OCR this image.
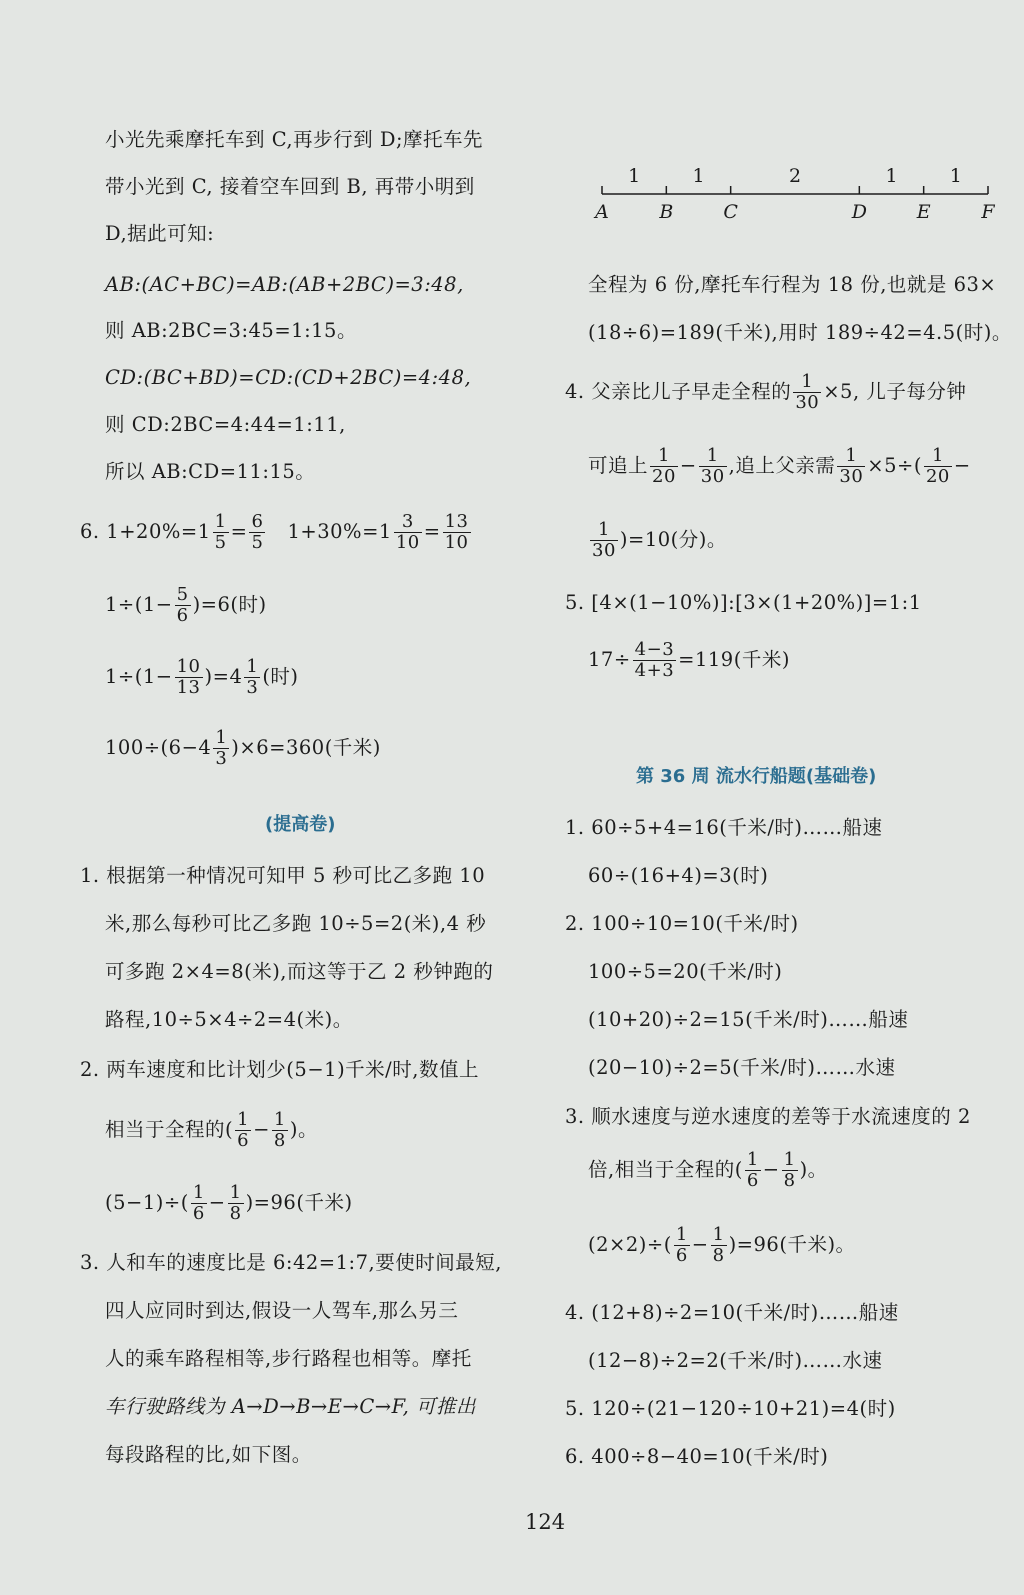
小光先乘摩托车到 C,再步行到 D;摩托车先
带小光到 C, 接着空车回到 B, 再带小明到
D,据此可知:
AB:(AC+BC)=AB:(AB+2BC)=3:48,
则 AB:2BC=3:45=1:15。
CD:(BC+BD)=CD:(CD+2BC)=4:48,
则 CD:2BC=4:44=1:11,
所以 AB:CD=11:15。
6. $1+20\%=1 \frac{1}{5} = \frac{6}{5} 1+30\%=1 \frac{3}{10} = \frac{13}{10}$
$1\div(1- \frac{5}{6} )=6$(时)
$1\div(1- \frac{10}{13} )=4 \frac{1}{3}$ (时)
$100\div(6-4 \frac{1}{3} )\times 6=360$(千米)
(提高卷)
1. 根据第一种情况可知甲 5 秒可比乙多跑 10
米,那么每秒可比乙多跑 10÷5=2(米),4 秒
可多跑 2×4=8(米),而这等于乙 2 秒钟跑的
路程,10÷5×4÷2=4(米)。
2. 两车速度和比计划少(5−1)千米/时,数值上
相当于全程的( $\frac{1}{6} - \frac{1}{8}$ )。
$(5-1)\div( \frac{1}{6} - \frac{1}{8} )=96$(千米)
3. 人和车的速度比是 6:42=1:7,要使时间最短,
四人应同时到达,假设一人驾车,那么另三
人的乘车路程相等,步行路程也相等。摩托
车行驶路线为 A→D→B→E→C→F, 可推出
每段路程的比,如下图。
A	B	C	D	E	F
1	1	2	1	1
全程为 6 份,摩托车行程为 18 份,也就是 63×
(18÷6)=189(千米),用时 189÷42=4.5(时)。
4. 父亲比儿子早走全程的 $\frac{1}{30} \times 5$, 儿子每分钟
可追上 $\frac{1}{20} - \frac{1}{30}$ ,追上父亲需 $\frac{1}{30} \times 5\div( \frac{1}{20}$ −
$\frac{1}{30} )=10$(分)。
5. [4×(1−10%)]:[3×(1+20%)]=1:1
$17\div \frac{4-3}{4+3} =119$(千米)
第 36 周 流水行船题(基础卷)
1. 60÷5+4=16(千米/时)……船速
60÷(16+4)=3(时)
2. 100÷10=10(千米/时)
100÷5=20(千米/时)
(10+20)÷2=15(千米/时)……船速
(20−10)÷2=5(千米/时)……水速
3. 顺水速度与逆水速度的差等于水流速度的 2
倍,相当于全程的( $\frac{1}{6} - \frac{1}{8}$ )。
$(2\times 2)\div( \frac{1}{6} - \frac{1}{8} )=96$(千米)。
4. (12+8)÷2=10(千米/时)……船速
(12−8)÷2=2(千米/时)……水速
5. 120÷(21−120÷10+21)=4(时)
6. 400÷8−40=10(千米/时)
124
